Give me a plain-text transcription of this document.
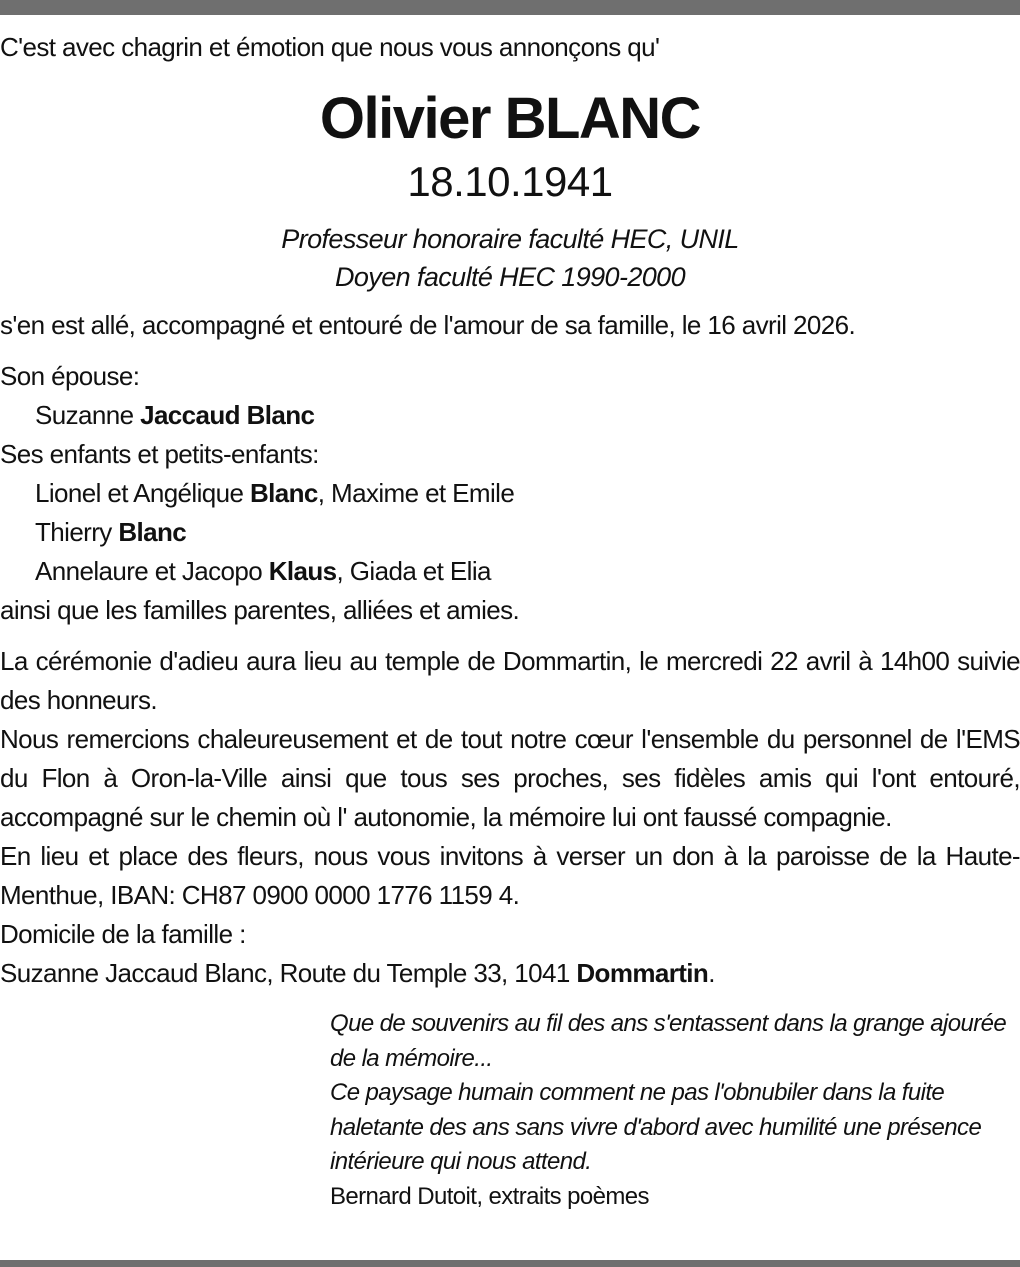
C'est avec chagrin et émotion que nous vous annonçons qu'
Olivier BLANC
18.10.1941
Professeur honoraire faculté HEC, UNIL
Doyen faculté HEC 1990-2000
s'en est allé, accompagné et entouré de l'amour de sa famille, le 16 avril 2026.
Son épouse:
Suzanne Jaccaud Blanc
Ses enfants et petits-enfants:
Lionel et Angélique Blanc, Maxime et Emile
Thierry Blanc
Annelaure et Jacopo Klaus, Giada et Elia
ainsi que les familles parentes, alliées et amies.
La cérémonie d'adieu aura lieu au temple de Dommartin, le mercredi 22 avril à 14h00 suivie des honneurs.
Nous remercions chaleureusement et de tout notre cœur l'ensemble du personnel de l'EMS du Flon à Oron-la-Ville ainsi que tous ses proches, ses fidèles amis qui l'ont entouré, accompagné sur le chemin où l' autonomie, la mémoire lui ont faussé compagnie.
En lieu et place des fleurs, nous vous invitons à verser un don à la paroisse de la Haute-Menthue, IBAN: CH87 0900 0000 1776 1159 4.
Domicile de la famille :
Suzanne Jaccaud Blanc, Route du Temple 33, 1041 Dommartin.
Que de souvenirs au fil des ans s'entassent dans la grange ajourée de la mémoire...
Ce paysage humain comment ne pas l'obnubiler dans la fuite haletante des ans sans vivre d'abord avec humilité une présence intérieure qui nous attend.
Bernard Dutoit, extraits poèmes
